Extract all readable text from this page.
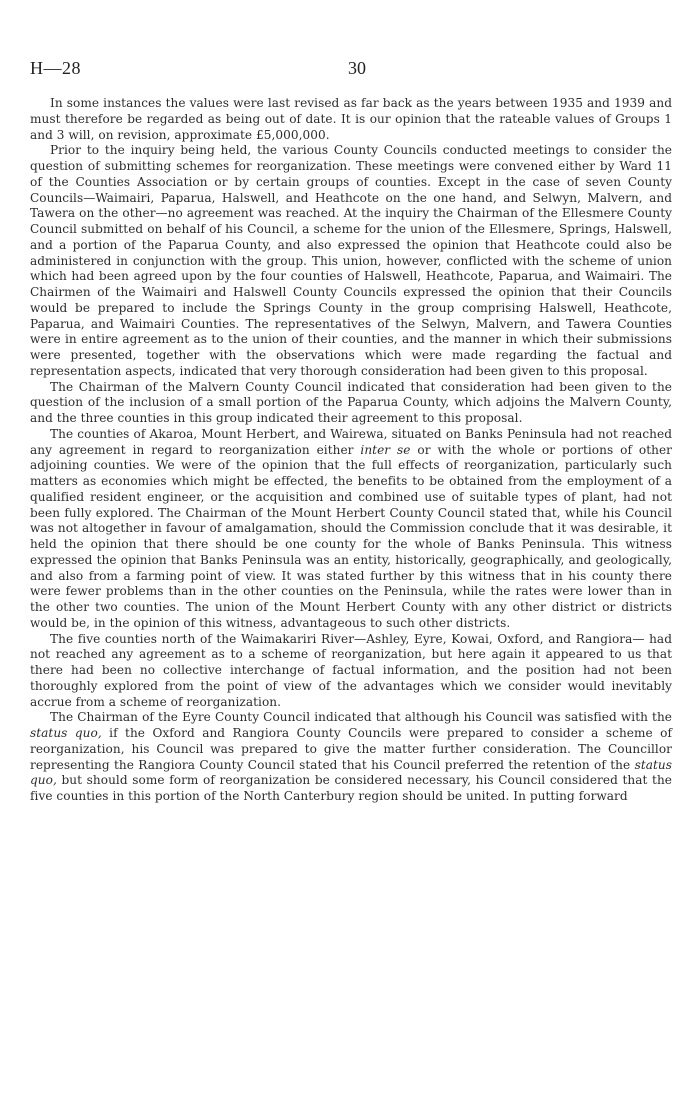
H—28	30

In some instances the values were last revised as far back as the years between 1935 and 1939 and must therefore be regarded as being out of date. It is our opinion that the rateable values of Groups 1 and 3 will, on revision, approximate £5,000,000.

Prior to the inquiry being held, the various County Councils conducted meetings to consider the question of submitting schemes for reorganization. These meetings were convened either by Ward 11 of the Counties Association or by certain groups of counties. Except in the case of seven County Councils—Waimairi, Paparua, Halswell, and Heathcote on the one hand, and Selwyn, Malvern, and Tawera on the other—no agreement was reached. At the inquiry the Chairman of the Ellesmere County Council submitted on behalf of his Council, a scheme for the union of the Ellesmere, Springs, Halswell, and a portion of the Paparua County, and also expressed the opinion that Heathcote could also be administered in conjunction with the group. This union, however, conflicted with the scheme of union which had been agreed upon by the four counties of Halswell, Heathcote, Paparua, and Waimairi. The Chairmen of the Waimairi and Halswell County Councils expressed the opinion that their Councils would be prepared to include the Springs County in the group comprising Halswell, Heathcote, Paparua, and Waimairi Counties. The representatives of the Selwyn, Malvern, and Tawera Counties were in entire agreement as to the union of their counties, and the manner in which their submissions were presented, together with the observations which were made regarding the factual and representation aspects, indicated that very thorough consideration had been given to this proposal.

The Chairman of the Malvern County Council indicated that consideration had been given to the question of the inclusion of a small portion of the Paparua County, which adjoins the Malvern County, and the three counties in this group indicated their agreement to this proposal.

The counties of Akaroa, Mount Herbert, and Wairewa, situated on Banks Peninsula had not reached any agreement in regard to reorganization either inter se or with the whole or portions of other adjoining counties. We were of the opinion that the full effects of reorganization, particularly such matters as economies which might be effected, the benefits to be obtained from the employment of a qualified resident engineer, or the acquisition and combined use of suitable types of plant, had not been fully explored. The Chairman of the Mount Herbert County Council stated that, while his Council was not altogether in favour of amalgamation, should the Commission conclude that it was desirable, it held the opinion that there should be one county for the whole of Banks Peninsula. This witness expressed the opinion that Banks Peninsula was an entity, historically, geographically, and geologically, and also from a farming point of view. It was stated further by this witness that in his county there were fewer problems than in the other counties on the Peninsula, while the rates were lower than in the other two counties. The union of the Mount Herbert County with any other district or districts would be, in the opinion of this witness, advantageous to such other districts.

The five counties north of the Waimakariri River—Ashley, Eyre, Kowai, Oxford, and Rangiora— had not reached any agreement as to a scheme of reorganization, but here again it appeared to us that there had been no collective interchange of factual information, and the position had not been thoroughly explored from the point of view of the advantages which we consider would inevitably accrue from a scheme of reorganization.

The Chairman of the Eyre County Council indicated that although his Council was satisfied with the status quo, if the Oxford and Rangiora County Councils were prepared to consider a scheme of reorganization, his Council was prepared to give the matter further consideration. The Councillor representing the Rangiora County Council stated that his Council preferred the retention of the status quo, but should some form of reorganization be considered necessary, his Council considered that the five counties in this portion of the North Canterbury region should be united. In putting forward
